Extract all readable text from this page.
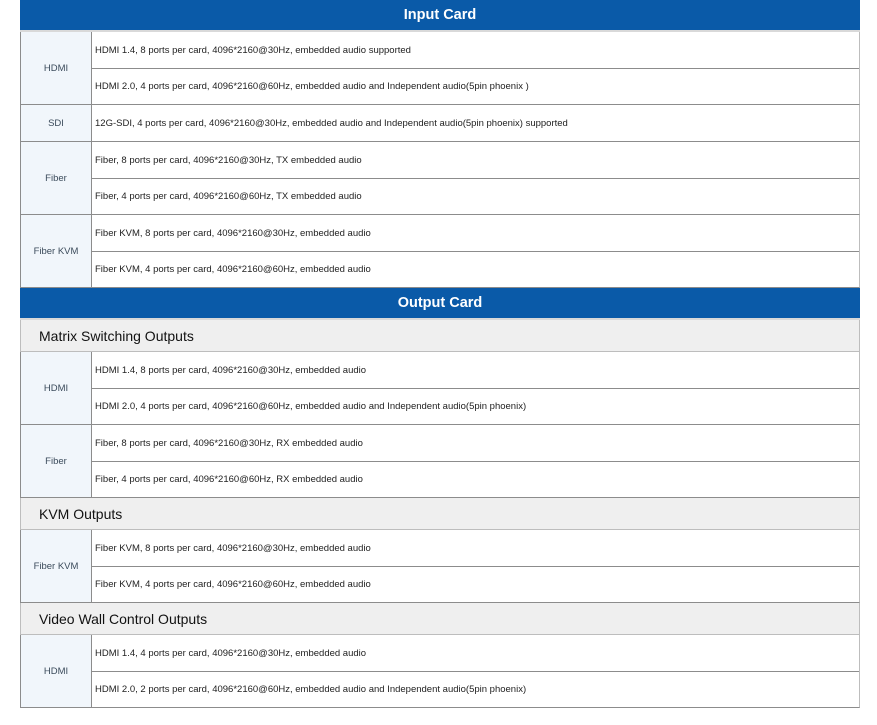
Input Card
HDMI
HDMI 1.4, 8 ports per card, 4096*2160@30Hz, embedded audio supported
HDMI 2.0, 4 ports per card, 4096*2160@60Hz, embedded audio and Independent audio(5pin phoenix )
SDI	12G-SDI, 4 ports per card, 4096*2160@30Hz, embedded audio and Independent audio(5pin phoenix) supported
Fiber
Fiber, 8 ports per card, 4096*2160@30Hz, TX embedded audio
Fiber, 4 ports per card, 4096*2160@60Hz, TX embedded audio
Fiber KVM
Fiber KVM, 8 ports per card, 4096*2160@30Hz, embedded audio
Fiber KVM, 4 ports per card, 4096*2160@60Hz, embedded audio
Output Card
Matrix Switching Outputs
HDMI
HDMI 1.4, 8 ports per card, 4096*2160@30Hz, embedded audio
HDMI 2.0, 4 ports per card, 4096*2160@60Hz, embedded audio and Independent audio(5pin phoenix)
Fiber
Fiber, 8 ports per card, 4096*2160@30Hz, RX embedded audio
Fiber, 4 ports per card, 4096*2160@60Hz, RX embedded audio
KVM Outputs
Fiber KVM
Fiber KVM, 8 ports per card, 4096*2160@30Hz, embedded audio
Fiber KVM, 4 ports per card, 4096*2160@60Hz, embedded audio
Video Wall Control Outputs
HDMI
HDMI 1.4, 4 ports per card, 4096*2160@30Hz, embedded audio
HDMI 2.0, 2 ports per card, 4096*2160@60Hz, embedded audio and Independent audio(5pin phoenix)
